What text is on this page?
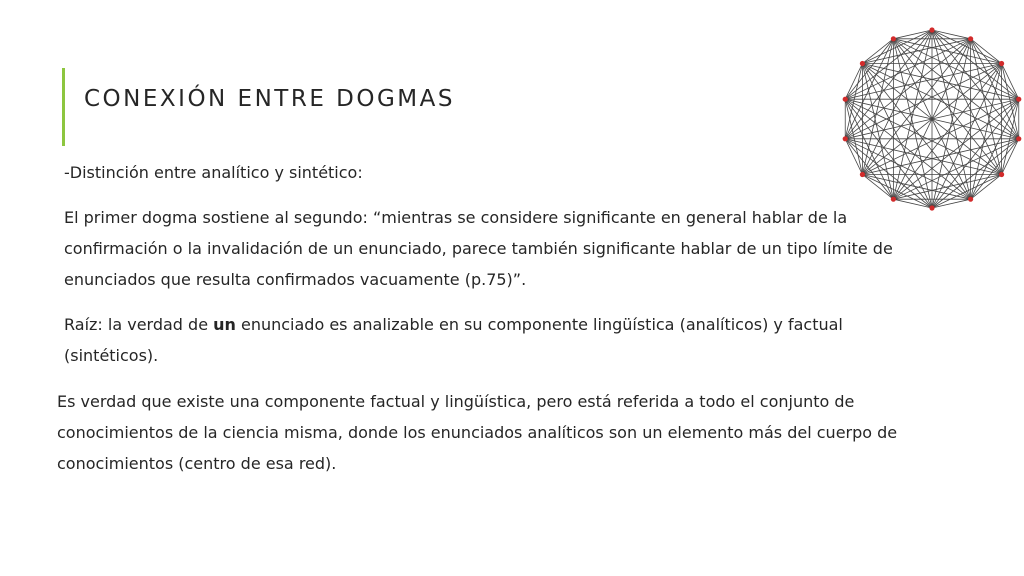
CONEXIÓN ENTRE DOGMAS

-Distinción entre analítico y sintético:

El primer dogma sostiene al segundo: “mientras se considere significante en general hablar de la confirmación o la invalidación de un enunciado, parece también significante hablar de un tipo límite de enunciados que resulta confirmados vacuamente (p.75)”.

Raíz: la verdad de un enunciado es analizable en su componente lingüística (analíticos) y factual (sintéticos).

Es verdad que existe una componente factual y lingüística, pero está referida a todo el conjunto de conocimientos de la ciencia misma, donde los enunciados analíticos son un elemento más del cuerpo de conocimientos (centro de esa red).
